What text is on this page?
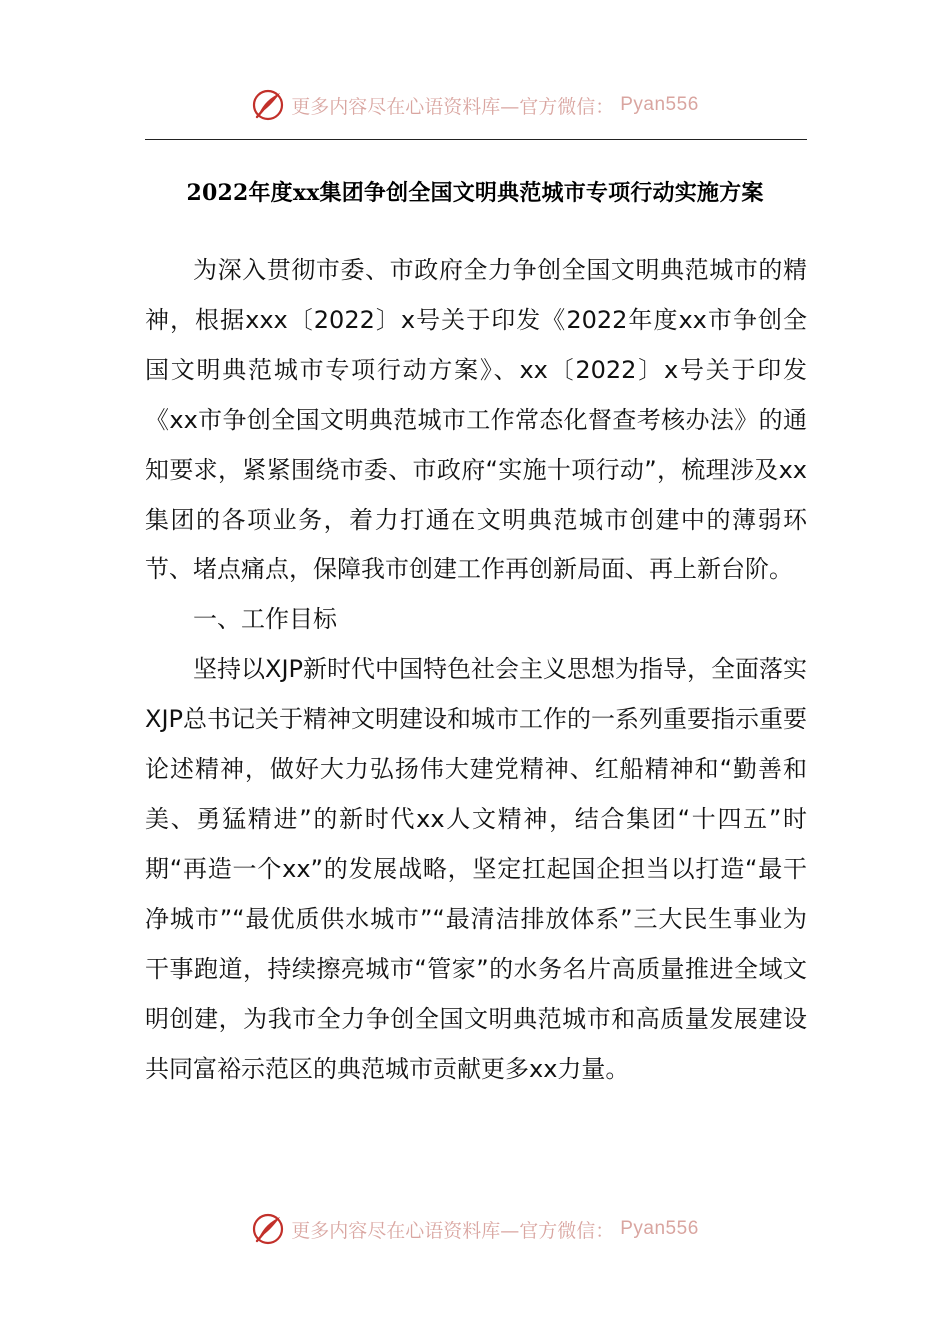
更多内容尽在心语资料库—官方微信： Pyan556
2022年度xx集团争创全国文明典范城市专项行动实施方案

为深入贯彻市委、市政府全力争创全国文明典范城市的精神，根据xxx〔2022〕x号关于印发《2022年度xx市争创全国文明典范城市专项行动方案》、xx〔2022〕x号关于印发《xx市争创全国文明典范城市工作常态化督查考核办法》的通知要求，紧紧围绕市委、市政府“实施十项行动”，梳理涉及xx集团的各项业务，着力打通在文明典范城市创建中的薄弱环节、堵点痛点，保障我市创建工作再创新局面、再上新台阶。

一、工作目标

坚持以XJP新时代中国特色社会主义思想为指导，全面落实XJP总书记关于精神文明建设和城市工作的一系列重要指示重要论述精神，做好大力弘扬伟大建党精神、红船精神和“勤善和美、勇猛精进”的新时代xx人文精神，结合集团“十四五”时期“再造一个xx”的发展战略，坚定扛起国企担当以打造“最干净城市”“最优质供水城市”“最清洁排放体系”三大民生事业为干事跑道，持续擦亮城市“管家”的水务名片高质量推进全域文明创建，为我市全力争创全国文明典范城市和高质量发展建设共同富裕示范区的典范城市贡献更多xx力量。

更多内容尽在心语资料库—官方微信： Pyan556
